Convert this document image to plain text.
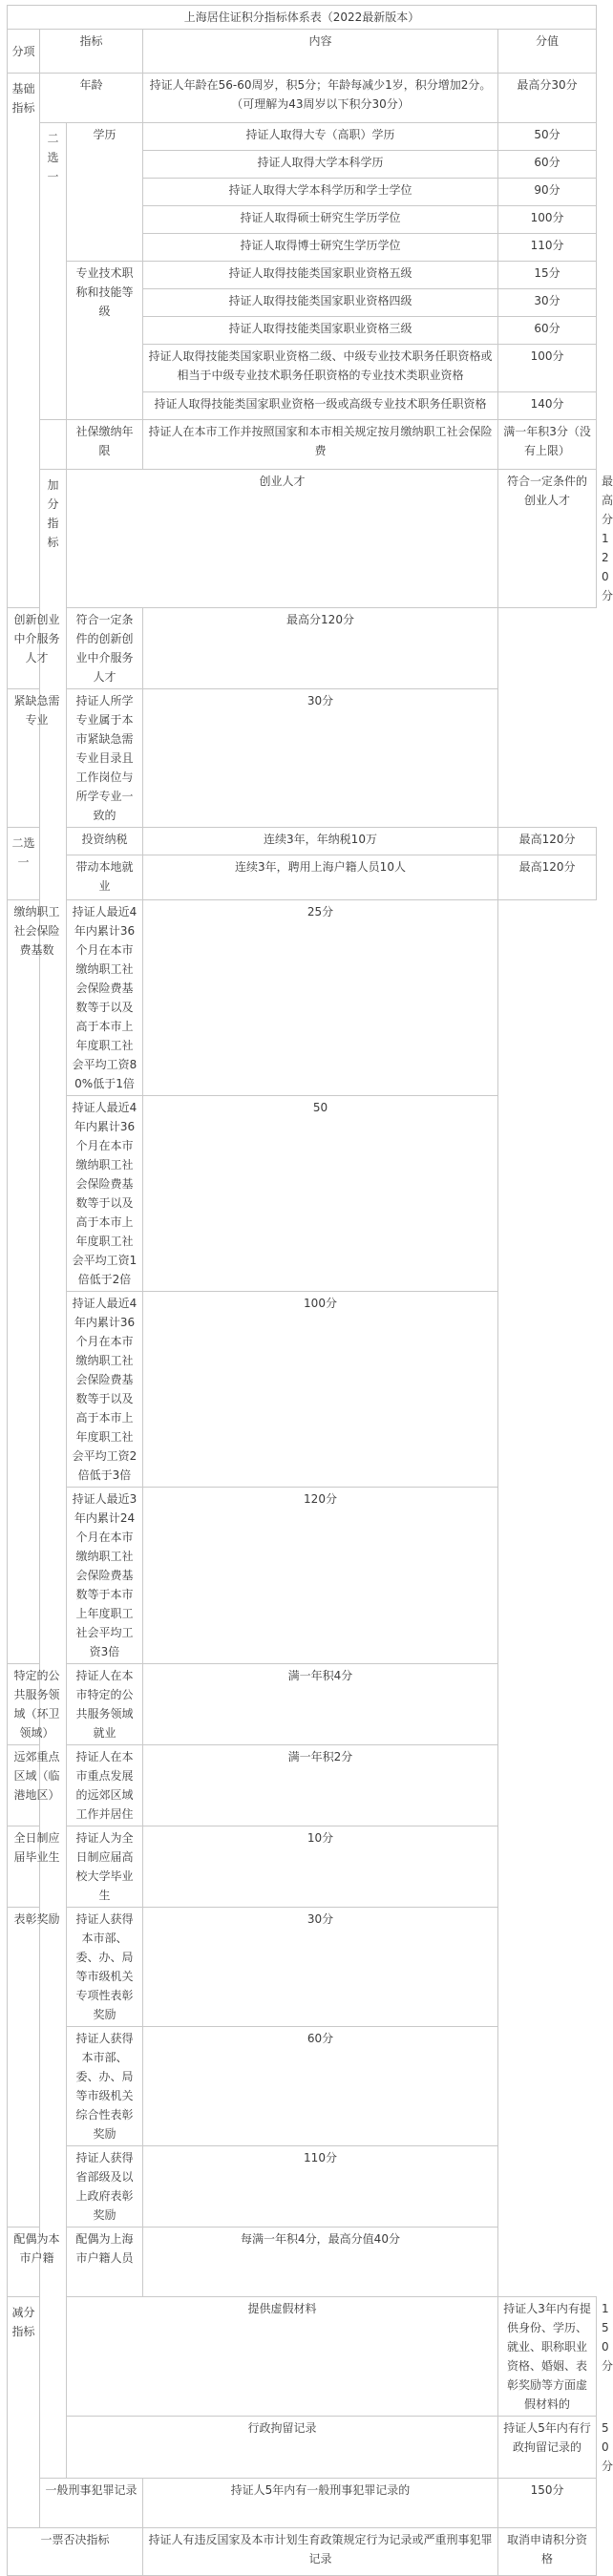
上海居住证积分指标体系表（2022最新版本）					
分项	指标		内容	分值	
基础指标	年龄		持证人年龄在56-60周岁，积5分；年龄每减少1岁，积分增加2分。（可理解为43周岁以下积分30分）	最高分30分	
	二选一	学历	持证人取得大专（高职）学历	50分	
			持证人取得大学本科学历	60分	
			持证人取得大学本科学历和学士学位	90分	
			持证人取得硕士研究生学历学位	100分	
			持证人取得博士研究生学历学位	110分	
		专业技术职称和技能等级	持证人取得技能类国家职业资格五级	15分	
			持证人取得技能类国家职业资格四级	30分	
			持证人取得技能类国家职业资格三级	60分	
			持证人取得技能类国家职业资格二级、中级专业技术职务任职资格或相当于中级专业技术职务任职资格的专业技术类职业资格	100分	
			持证人取得技能类国家职业资格一级或高级专业技术职务任职资格	140分	
		社保缴纳年限	持证人在本市工作并按照国家和本市相关规定按月缴纳职工社会保险费	满一年积3分（没有上限）	
	加分指标	创业人才		符合一定条件的创业人才	最高分120分
创新创业中介服务人才		符合一定条件的创新创业中介服务人才	最高分120分		
紧缺急需专业		持证人所学专业属于本市紧缺急需专业目录且工作岗位与所学专业一致的	30分		
二选一		投资纳税	连续3年，年纳税10万	最高120分	
		带动本地就业	连续3年，聘用上海户籍人员10人	最高120分	
缴纳职工社会保险费基数		持证人最近4年内累计36个月在本市缴纳职工社会保险费基数等于以及高于本市上年度职工社会平均工资80%低于1倍	25分		
		持证人最近4年内累计36个月在本市缴纳职工社会保险费基数等于以及高于本市上年度职工社会平均工资1倍低于2倍	50		
		持证人最近4年内累计36个月在本市缴纳职工社会保险费基数等于以及高于本市上年度职工社会平均工资2倍低于3倍	100分		
		持证人最近3年内累计24个月在本市缴纳职工社会保险费基数等于本市上年度职工社会平均工资3倍	120分		
特定的公共服务领域（环卫领域）		持证人在本市特定的公共服务领域就业	满一年积4分		
远郊重点区域（临港地区）		持证人在本市重点发展的远郊区域工作并居住	满一年积2分		
全日制应届毕业生		持证人为全日制应届高校大学毕业生	10分		
表彰奖励		持证人获得本市部、委、办、局等市级机关专项性表彰奖励	30分		
		持证人获得本市部、委、办、局等市级机关综合性表彰奖励	60分		
		持证人获得省部级及以上政府表彰奖励	110分		
配偶为本市户籍		配偶为上海市户籍人员	每满一年积4分，最高分值40分		
减分指标		提供虚假材料		持证人3年内有提供身份、学历、就业、职称职业资格、婚姻、表彰奖励等方面虚假材料的	150分
		行政拘留记录		持证人5年内有行政拘留记录的	50分
	一般刑事犯罪记录		持证人5年内有一般刑事犯罪记录的	150分	
一票否决指标			持证人有违反国家及本市计划生育政策规定行为记录或严重刑事犯罪记录	取消申请积分资格	
